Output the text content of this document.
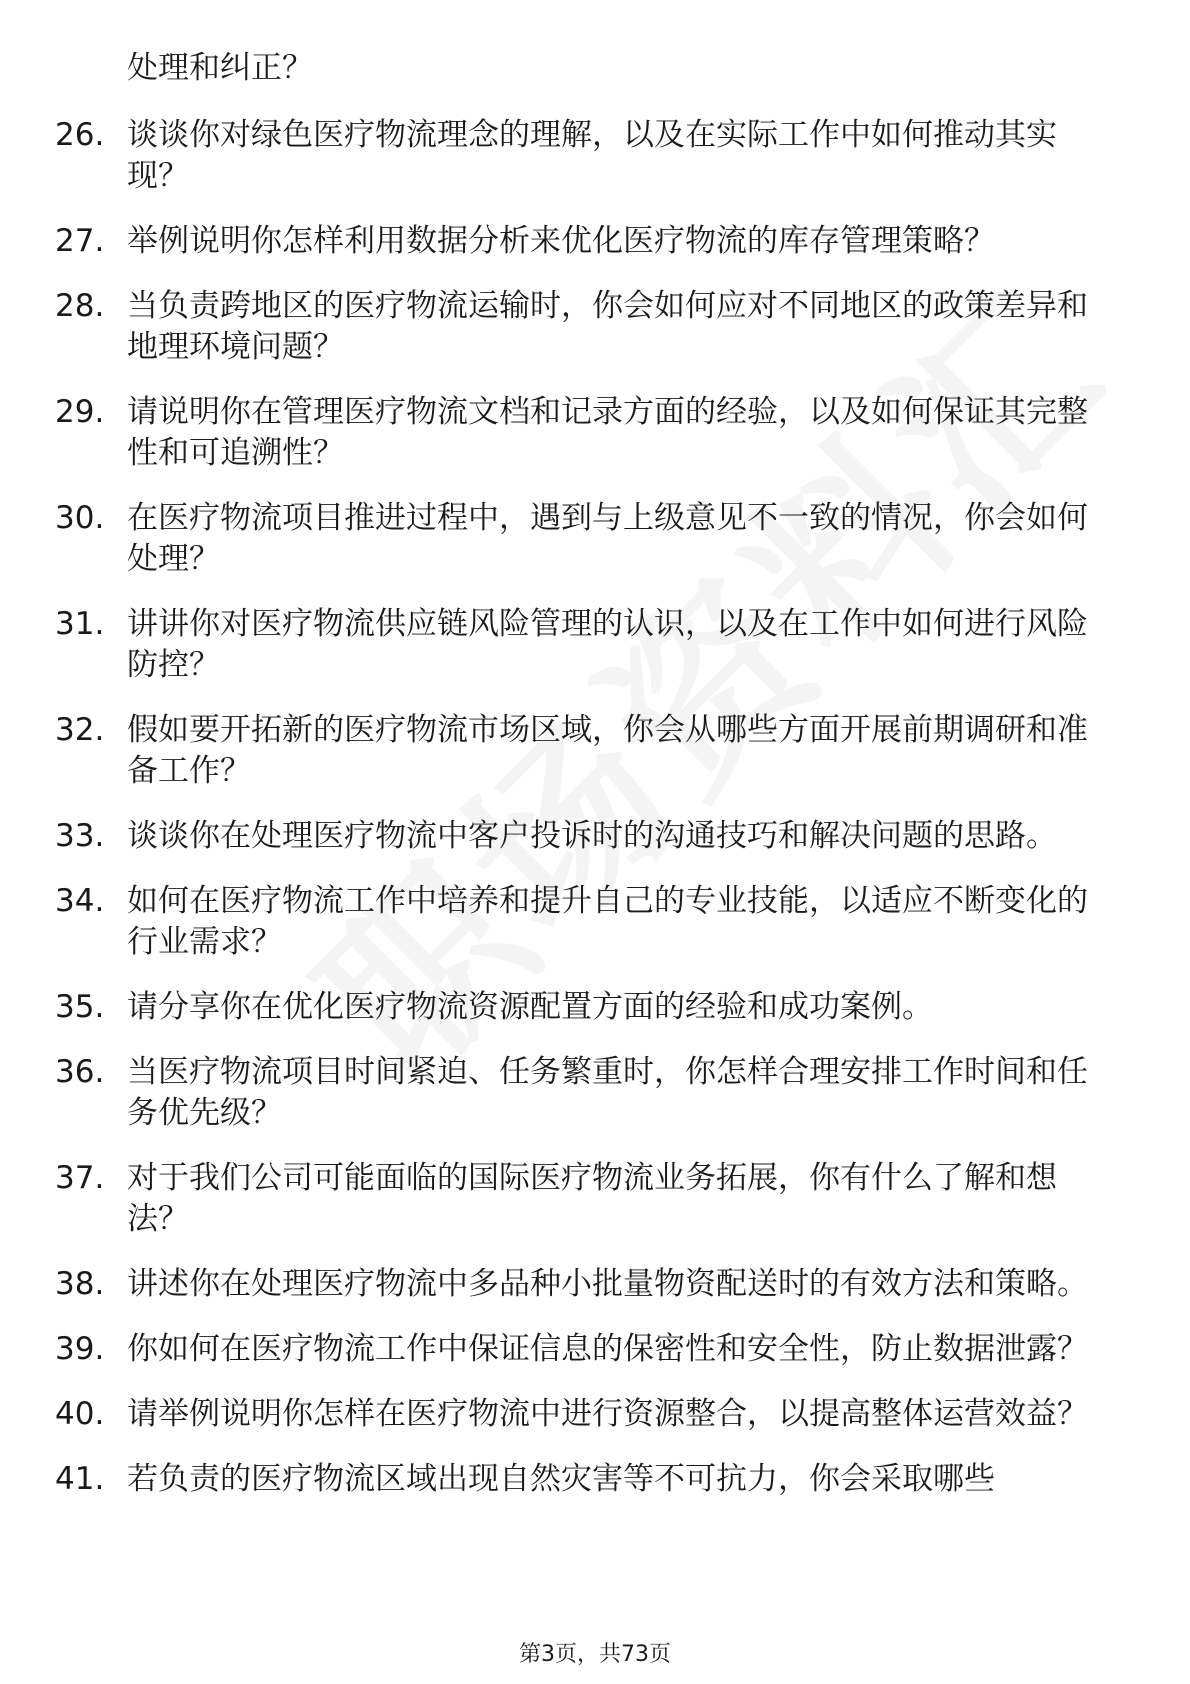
处理和纠正？
26. 谈谈你对绿色医疗物流理念的理解，以及在实际工作中如何推动其实现？
27. 举例说明你怎样利用数据分析来优化医疗物流的库存管理策略？
28. 当负责跨地区的医疗物流运输时，你会如何应对不同地区的政策差异和地理环境问题？
29. 请说明你在管理医疗物流文档和记录方面的经验，以及如何保证其完整性和可追溯性？
30. 在医疗物流项目推进过程中，遇到与上级意见不一致的情况，你会如何处理？
31. 讲讲你对医疗物流供应链风险管理的认识，以及在工作中如何进行风险防控？
32. 假如要开拓新的医疗物流市场区域，你会从哪些方面开展前期调研和准备工作？
33. 谈谈你在处理医疗物流中客户投诉时的沟通技巧和解决问题的思路。
34. 如何在医疗物流工作中培养和提升自己的专业技能，以适应不断变化的行业需求？
35. 请分享你在优化医疗物流资源配置方面的经验和成功案例。
36. 当医疗物流项目时间紧迫、任务繁重时，你怎样合理安排工作时间和任务优先级？
37. 对于我们公司可能面临的国际医疗物流业务拓展，你有什么了解和想法？
38. 讲述你在处理医疗物流中多品种小批量物资配送时的有效方法和策略。
39. 你如何在医疗物流工作中保证信息的保密性和安全性，防止数据泄露？
40. 请举例说明你怎样在医疗物流中进行资源整合，以提高整体运营效益？
41. 若负责的医疗物流区域出现自然灾害等不可抗力，你会采取哪些
第3页，共73页
